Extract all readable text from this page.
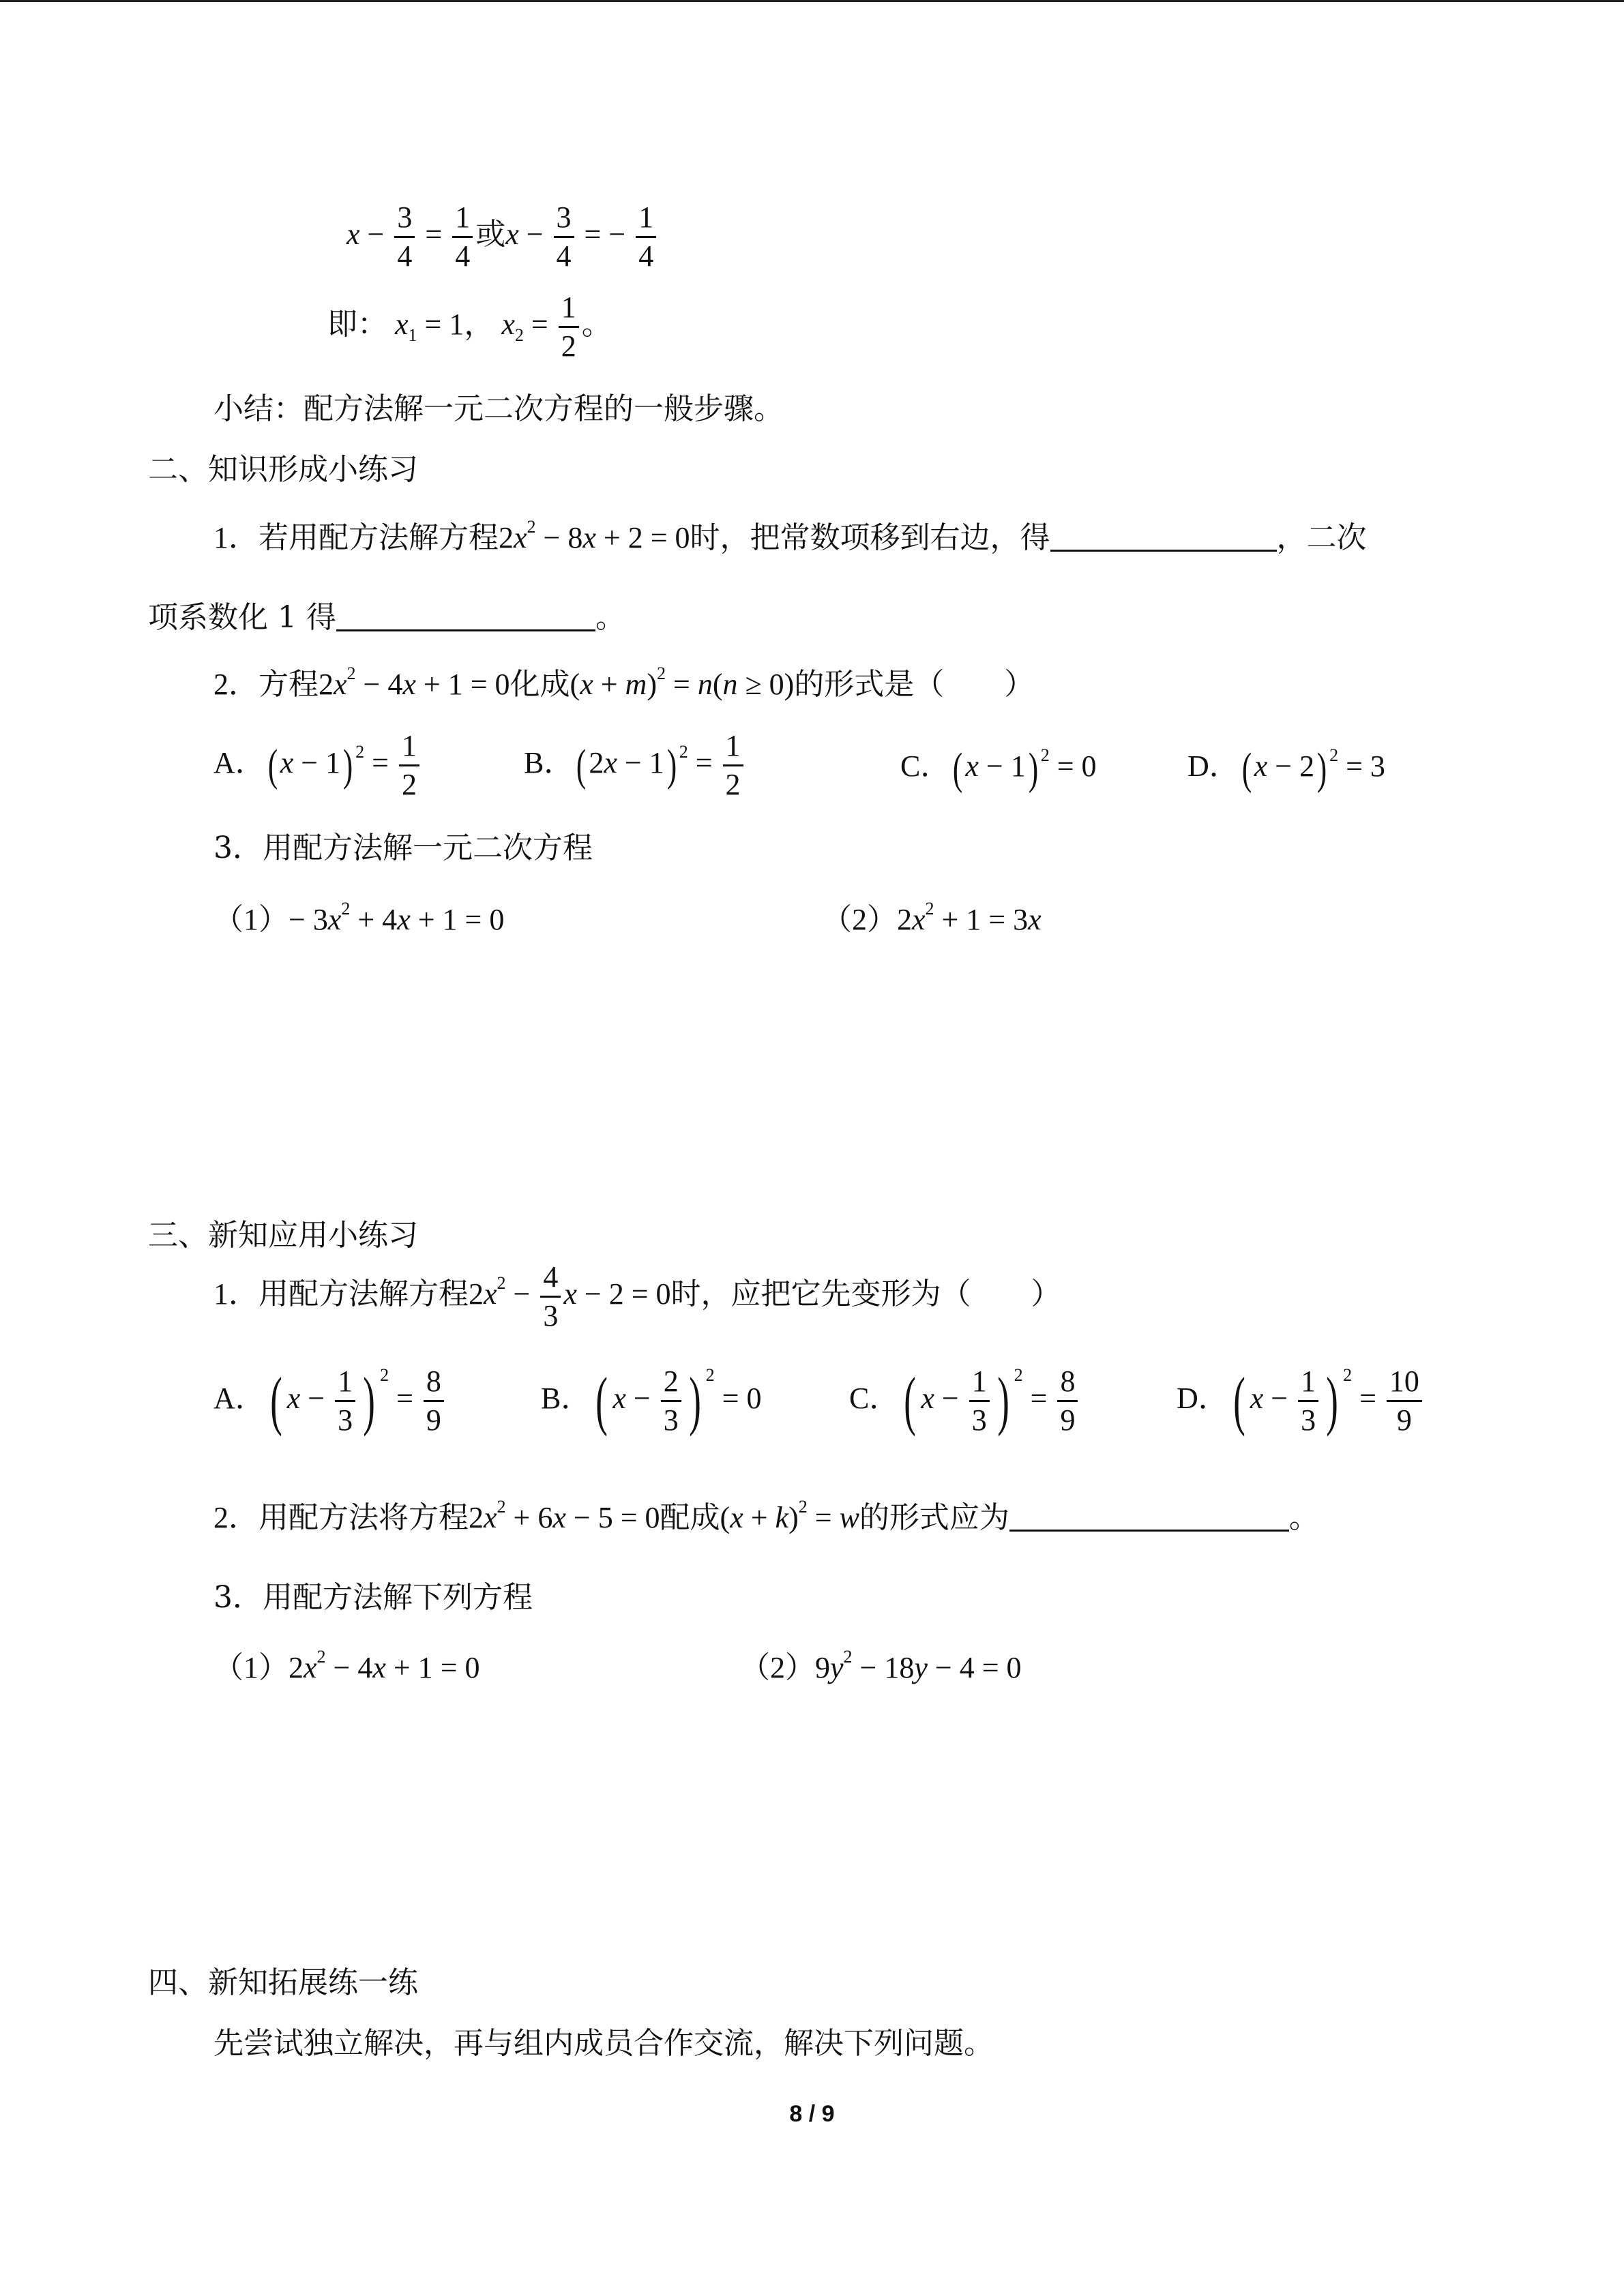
$x - \frac{3}{4} = \frac{1}{4}$ 或$x - \frac{3}{4}$ = − $\frac{1}{4}$
即： $x_1 = 1$， $x_2 = \frac{1}{2}$ 。
小结：配方法解一元二次方程的一般步骤。
二、知识形成小练习
1．若用配方法解方程$2x^2 - 8x + 2 = 0$时，把常数项移到右边，得	，二次
项系数化 1 得	。
2．方程$2x^2 - 4x + 1 = 0$化成$(x + m)^2 = n(n \ge 0)$的形式是（　　）
A．(x − 1) $^2 = \frac{1}{2}$	B．(2x − 1) $^2 = \frac{1}{2}$	C．(x − 1) $^2$ = 0	D．(x − 2) $^2$ = 3
3．用配方法解一元二次方程
$(1)- 3x^2 + 4x + 1 = 0$	$(2)2x^2 + 1 = 3x$
三、新知应用小练习
1．用配方法解方程$2x^2 - \frac{4}{3}$ x − 2 = 0时，应把它先变形为（　　）
A．( $x - \frac{1}{3}$ ) $^2 = \frac{8}{9}$	B．( $x - \frac{2}{3}$ ) $^2$ = 0	C．( $x - \frac{1}{3}$ ) $^2 = \frac{8}{9}$	D．( $x - \frac{1}{3}$ ) $^2 = \frac{10}{9}$
2．用配方法将方程$2x^2 + 6x - 5 = 0$配成$(x + k)^2 = w$的形式应为	。
3．用配方法解下列方程
$(1)2x^2 - 4x + 1 = 0$	$(2)9y^2 - 18y - 4 = 0$
四、新知拓展练一练
先尝试独立解决，再与组内成员合作交流，解决下列问题。
8 / 9
